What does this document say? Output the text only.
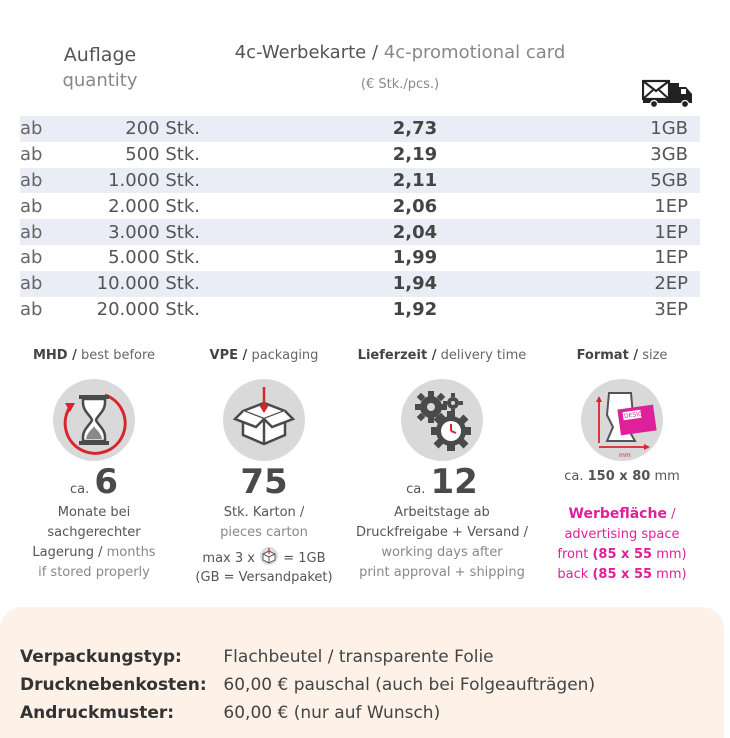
Auflage
quantity
4c-Werbekarte / 4c-promotional card
(€ Stk./pcs.)
ab	200 Stk.	2,73	1GB
ab	500 Stk.	2,19	3GB
ab	1.000 Stk.	2,11	5GB
ab	2.000 Stk.	2,06	1EP
ab	3.000 Stk.	2,04	1EP
ab	5.000 Stk.	1,99	1EP
ab	10.000 Stk.	1,94	2EP
ab	20.000 Stk.	1,92	3EP
MHD / best before
ca. 6
Monate bei
sachgerechter
Lagerung / months
if stored properly
VPE / packaging
75
Stk. Karton /
pieces carton
max 3 x = 1GB
(GB = Versandpaket)
Lieferzeit / delivery time
ca. 12
Arbeitstage ab
Druckfreigabe + Versand /
working days after
print approval + shipping
Format / size
DESIGN
mm
ca. 150 x 80 mm
Werbefläche /
advertising space
front (85 x 55 mm)
back (85 x 55 mm)
Verpackungstyp: Flachbeutel / transparente Folie
Drucknebenkosten: 60,00 € pauschal (auch bei Folgeaufträgen)
Andruckmuster:	60,00 € (nur auf Wunsch)
